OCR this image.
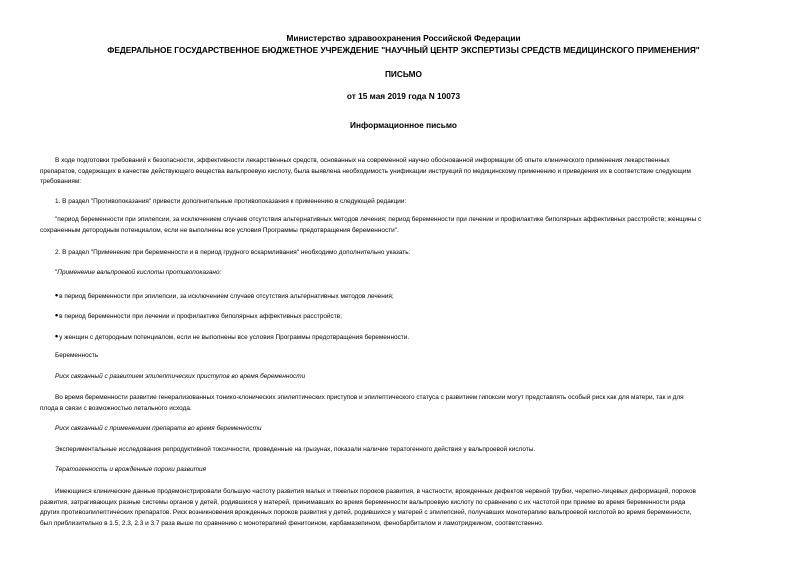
Министерство здравоохранения Российской Федерации
ФЕДЕРАЛЬНОЕ ГОСУДАРСТВЕННОЕ БЮДЖЕТНОЕ УЧРЕЖДЕНИЕ "НАУЧНЫЙ ЦЕНТР ЭКСПЕРТИЗЫ СРЕДСТВ МЕДИЦИНСКОГО ПРИМЕНЕНИЯ"
ПИСЬМО
от 15 мая 2019 года N 10073
Информационное письмо
В ходе подготовки требований к безопасности, эффективности лекарственных средств, основанных на современной научно обоснованной информации об опыте клинического применения лекарственных
препаратов, содержащих в качестве действующего вещества вальпроевую кислоту, была выявлена необходимость унификации инструкций по медицинскому применению и приведения их в соответствие следующим
требованиям:
1. В раздел "Противопоказания" привести дополнительные противопоказания к применению в следующей редакции:
"период беременности при эпилепсии, за исключением случаев отсутствия альтернативных методов лечения; период беременности при лечении и профилактике биполярных аффективных расстройств; женщины с
сохраненным детородным потенциалом, если не выполнены все условия Программы предотвращения беременности".
2. В раздел "Применение при беременности и в период грудного вскармливания" необходимо дополнительно указать:
"Применение вальпроевой кислоты противопоказано:
•в период беременности при эпилепсии, за исключением случаев отсутствия альтернативных методов лечения;
•в период беременности при лечении и профилактике биполярных аффективных расстройств;
•у женщин с детородным потенциалом, если не выполнены все условия Программы предотвращения беременности.
Беременность
Риск связанный с развитием эпилептических приступов во время беременности
Во время беременности развитие генерализованных тонико-клонических эпилептических приступов и эпилептического статуса с развитием гипоксии могут представлять особый риск как для матери, так и для
плода в связи с возможностью летального исхода.
Риск связанный с применением препарата во время беременности
Экспериментальные исследования репродуктивной токсичности, проведенные на грызунах, показали наличие тератогенного действия у вальпроевой кислоты.
Тератогенность и врожденные пороки развития
Имеющиеся клинические данные продемонстрировали большую частоту развития малых и тяжелых пороков развития, в частности, врожденных дефектов нервной трубки, черепно-лицевых деформаций, пороков
развития, затрагивающих разные системы органов у детей, родившихся у матерей, принимавших во время беременности вальпроевую кислоту по сравнению с их частотой при приеме во время беременности ряда
других противоэпилептических препаратов. Риск возникновения врожденных пороков развития у детей, родившихся у матерей с эпилепсией, получавших монотерапию вальпроевой кислотой во время беременности,
был приблизительно в 1.5, 2.3, 2.3 и 3.7 раза выше по сравнению с монотерапией фенитоином, карбамазепином, фенобарбиталом и ламотриджином, соответственно.
